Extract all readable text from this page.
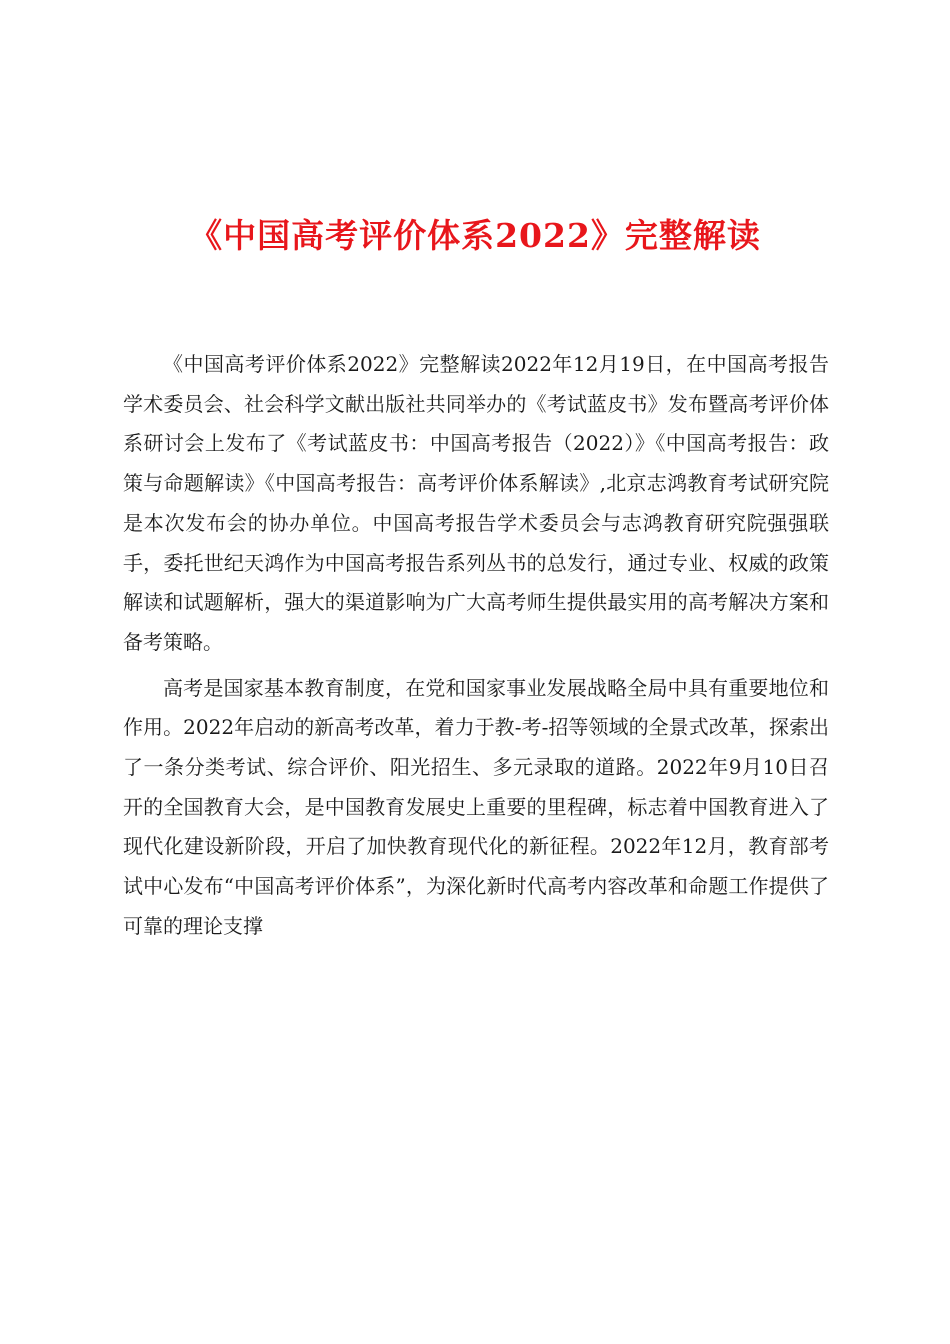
《中国高考评价体系2022》完整解读

《中国高考评价体系2022》完整解读2022年12月19日，在中国高考报告学术委员会、社会科学文献出版社共同举办的《考试蓝皮书》发布暨高考评价体系研讨会上发布了《考试蓝皮书：中国高考报告（2022）》《中国高考报告：政策与命题解读》《中国高考报告：高考评价体系解读》,北京志鸿教育考试研究院是本次发布会的协办单位。中国高考报告学术委员会与志鸿教育研究院强强联手，委托世纪天鸿作为中国高考报告系列丛书的总发行，通过专业、权威的政策解读和试题解析，强大的渠道影响为广大高考师生提供最实用的高考解决方案和备考策略。

高考是国家基本教育制度，在党和国家事业发展战略全局中具有重要地位和作用。2022年启动的新高考改革，着力于教-考-招等领域的全景式改革，探索出了一条分类考试、综合评价、阳光招生、多元录取的道路。2022年9月10日召开的全国教育大会，是中国教育发展史上重要的里程碑，标志着中国教育进入了现代化建设新阶段，开启了加快教育现代化的新征程。2022年12月，教育部考试中心发布“中国高考评价体系”，为深化新时代高考内容改革和命题工作提供了可靠的理论支撑
